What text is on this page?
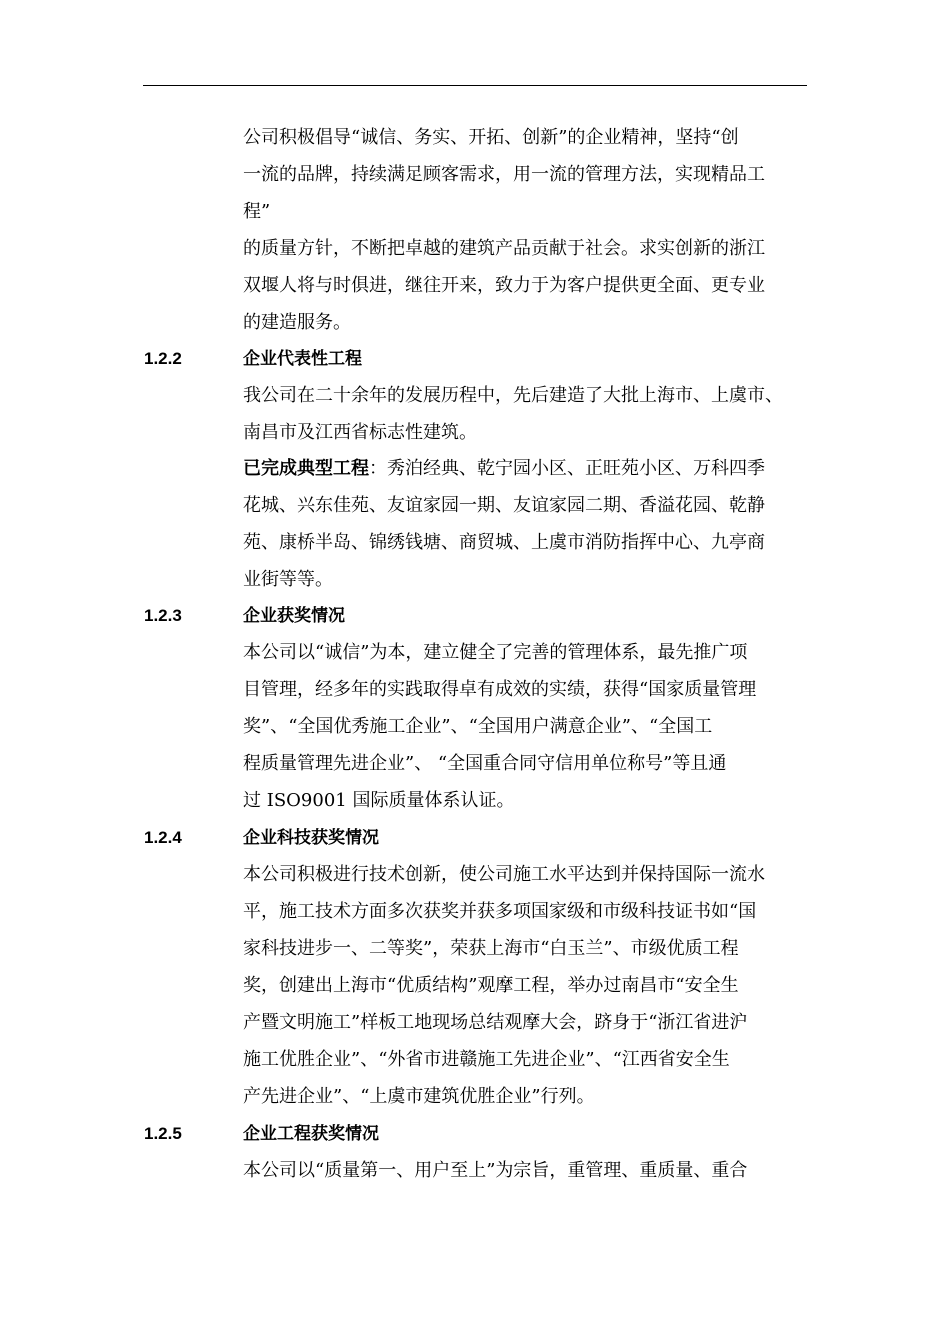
公司积极倡导“诚信、务实、开拓、创新”的企业精神，坚持“创
一流的品牌，持续满足顾客需求，用一流的管理方法，实现精品工
程”
的质量方针，不断把卓越的建筑产品贡献于社会。求实创新的浙江
双堰人将与时俱进，继往开来，致力于为客户提供更全面、更专业
的建造服务。
1.2.2	企业代表性工程
我公司在二十余年的发展历程中，先后建造了大批上海市、上虞市、
南昌市及江西省标志性建筑。
已完成典型工程：秀泊经典、乾宁园小区、正旺苑小区、万科四季
花城、兴东佳苑、友谊家园一期、友谊家园二期、香溢花园、乾静
苑、康桥半岛、锦绣钱塘、商贸城、上虞市消防指挥中心、九亭商
业街等等。
1.2.3	企业获奖情况
本公司以“诚信”为本，建立健全了完善的管理体系，最先推广项
目管理，经多年的实践取得卓有成效的实绩，获得“国家质量管理
奖”、“全国优秀施工企业”、“全国用户满意企业”、“全国工
程质量管理先进企业”、 “全国重合同守信用单位称号”等且通
过 ISO9001 国际质量体系认证。
1.2.4	企业科技获奖情况
本公司积极进行技术创新，使公司施工水平达到并保持国际一流水
平，施工技术方面多次获奖并获多项国家级和市级科技证书如“国
家科技进步一、二等奖”，荣获上海市“白玉兰”、市级优质工程
奖，创建出上海市“优质结构”观摩工程，举办过南昌市“安全生
产暨文明施工”样板工地现场总结观摩大会，跻身于“浙江省进沪
施工优胜企业”、“外省市进赣施工先进企业”、“江西省安全生
产先进企业”、“上虞市建筑优胜企业”行列。
1.2.5	企业工程获奖情况
本公司以“质量第一、用户至上”为宗旨，重管理、重质量、重合
